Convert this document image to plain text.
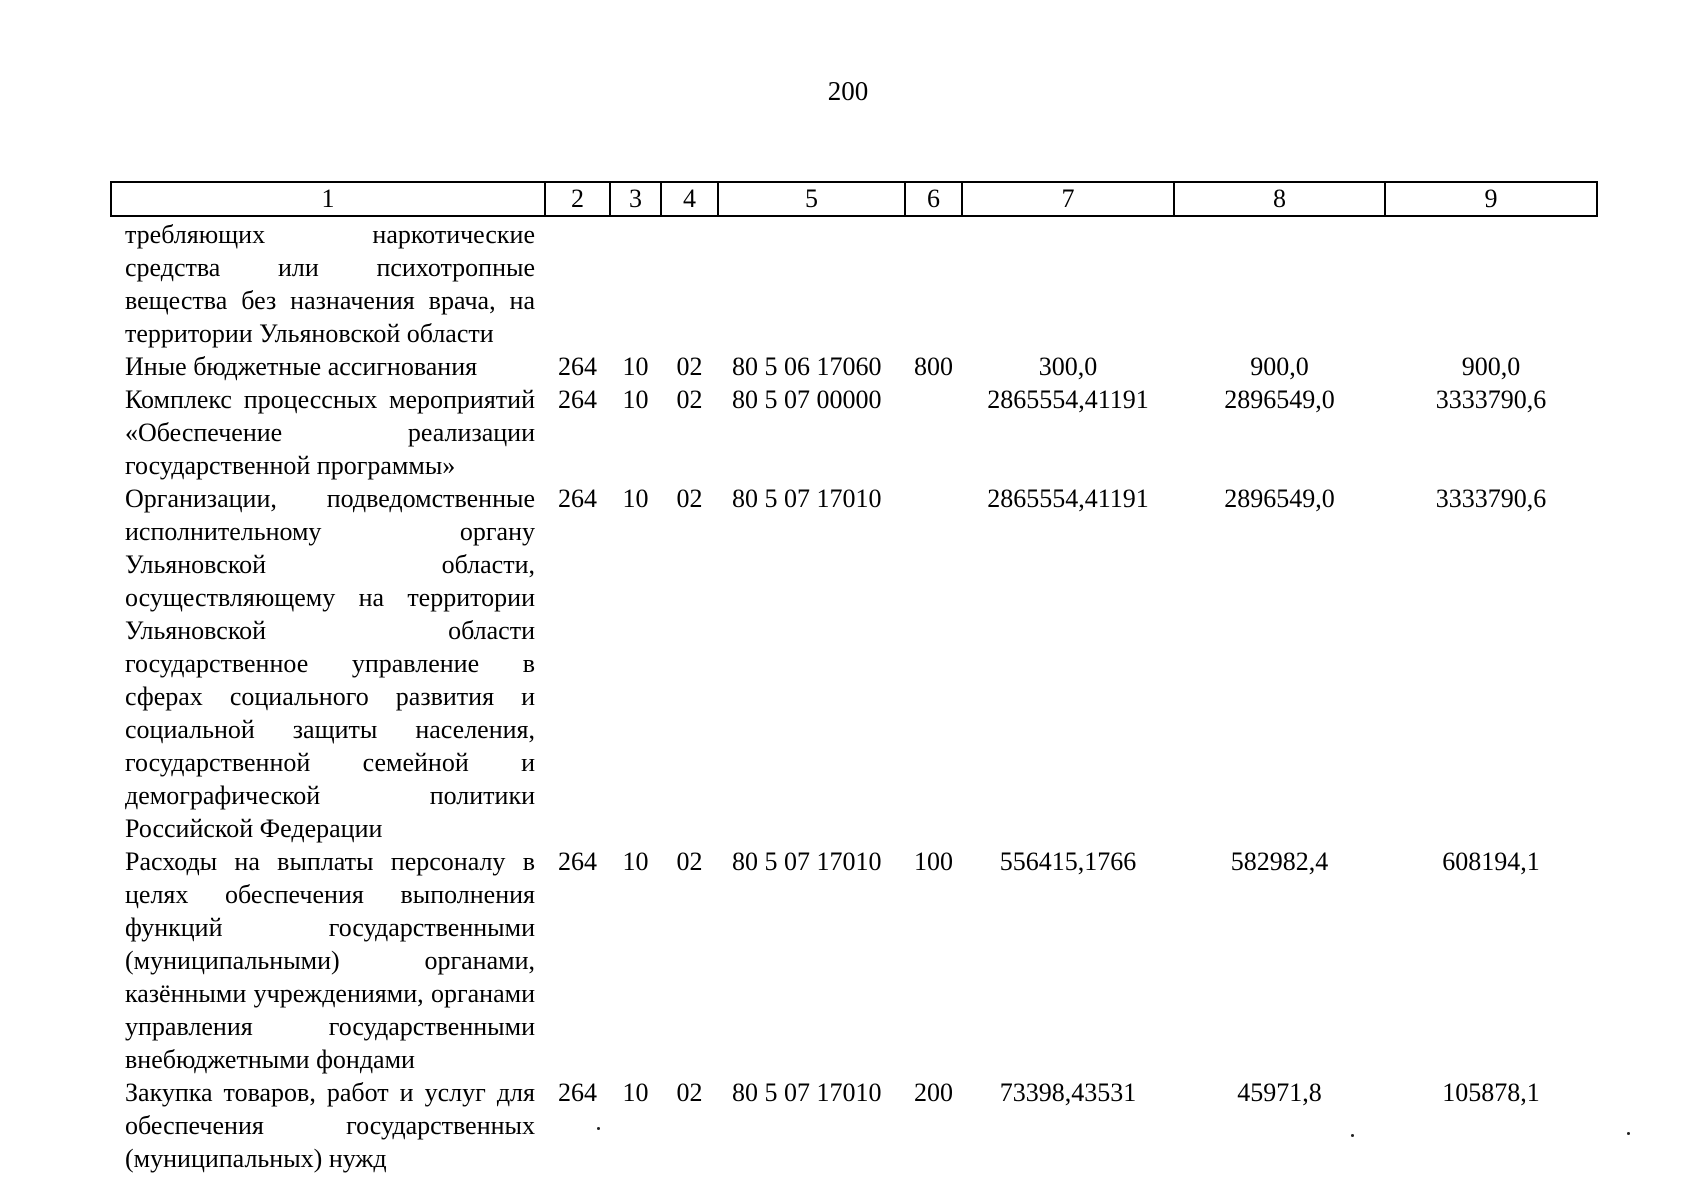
200
1	2	3	4	5	6	7	8	9
требляющих наркотические средства или психотропные вещества без назначения врача, на территории Ульяновской области								
Иные бюджетные ассигнования	264	10	02	80 5 06 17060	800	300,0	900,0	900,0
Комплекс процессных мероприятий «Обеспечение реализации государственной программы»	264	10	02	80 5 07 00000		2865554,41191	2896549,0	3333790,6
Организации, подведомственные исполнительному органу Ульяновской области, осуществляющему на территории Ульяновской области государственное управление в сферах социального развития и социальной защиты населения, государственной семейной и демографической политики Российской Федерации	264	10	02	80 5 07 17010		2865554,41191	2896549,0	3333790,6
Расходы на выплаты персоналу в целях обеспечения выполнения функций государственными (муниципальными) органами, казёнными учреждениями, органами управления государственными внебюджетными фондами	264	10	02	80 5 07 17010	100	556415,1766	582982,4	608194,1
Закупка товаров, работ и услуг для обеспечения государственных (муниципальных) нужд	264	10	02	80 5 07 17010	200	73398,43531	45971,8	105878,1
